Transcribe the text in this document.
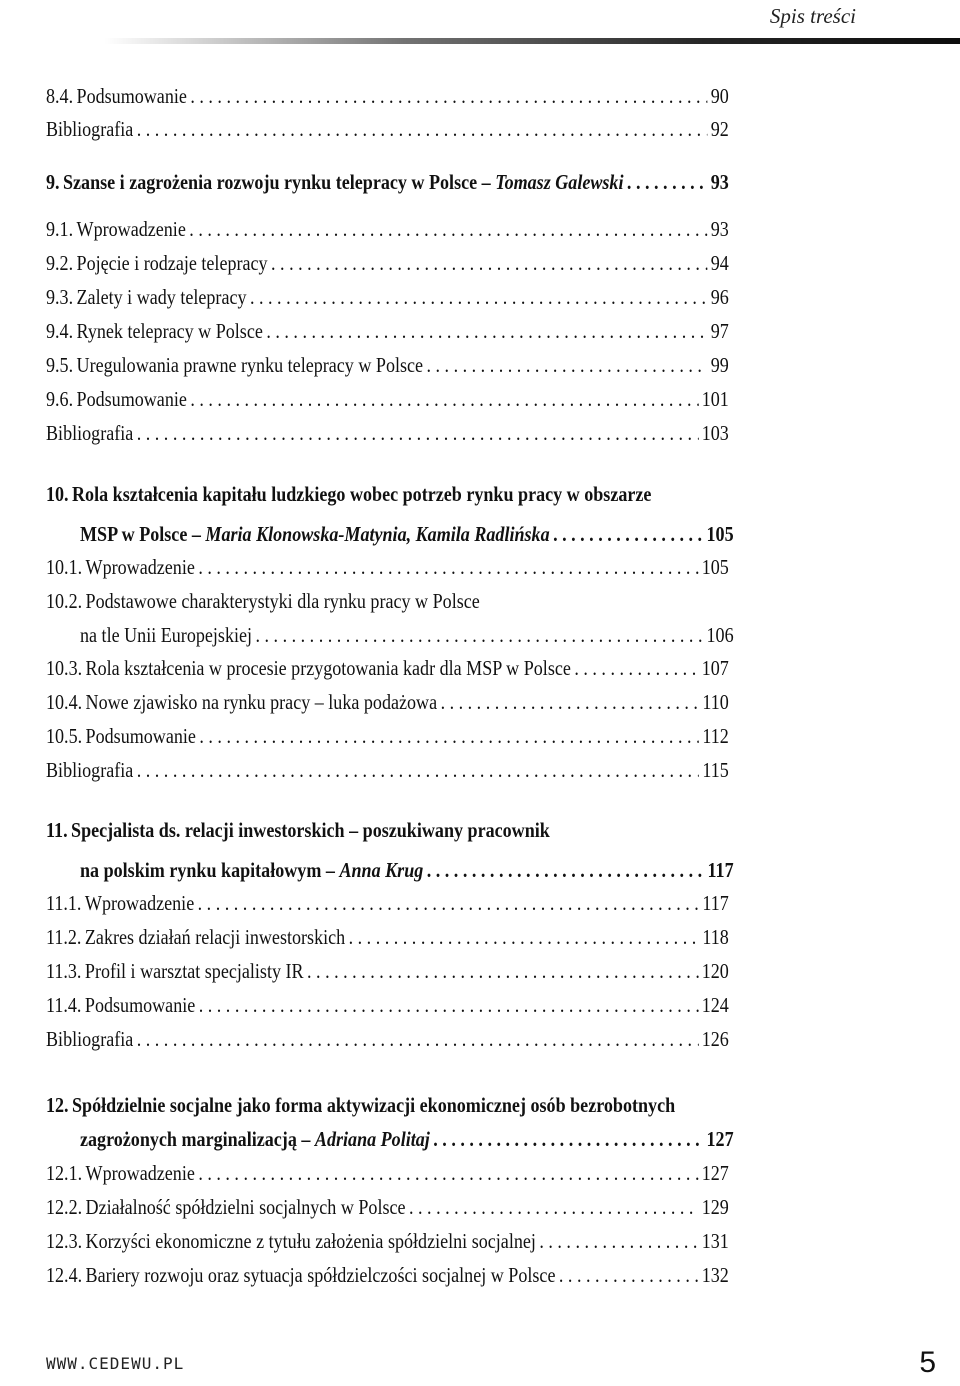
Spis treści
8.4. Podsumowanie . . .	90
Bibliografia . . .	92
9. Szanse i zagrożenia rozwoju rynku telepracy w Polsce – Tomasz Galewski . . .	93
9.1. Wprowadzenie . . .	93
9.2. Pojęcie i rodzaje telepracy . . .	94
9.3. Zalety i wady telepracy . . .	96
9.4. Rynek telepracy w Polsce . . .	97
9.5. Uregulowania prawne rynku telepracy w Polsce . . .	99
9.6. Podsumowanie . . .	101
Bibliografia . . .	103
10. Rola kształcenia kapitału ludzkiego wobec potrzeb rynku pracy w obszarze
MSP w Polsce – Maria Klonowska-Matynia, Kamila Radlińska . . .	105
10.1. Wprowadzenie . . .	105
10.2. Podstawowe charakterystyki dla rynku pracy w Polsce
na tle Unii Europejskiej . . .	106
10.3. Rola kształcenia w procesie przygotowania kadr dla MSP w Polsce . . .	107
10.4. Nowe zjawisko na rynku pracy – luka podażowa . . .	110
10.5. Podsumowanie . . .	112
Bibliografia . . .	115
11. Specjalista ds. relacji inwestorskich – poszukiwany pracownik
na polskim rynku kapitałowym – Anna Krug . . .	117
11.1. Wprowadzenie . . .	117
11.2. Zakres działań relacji inwestorskich . . .	118
11.3. Profil i warsztat specjalisty IR . . .	120
11.4. Podsumowanie . . .	124
Bibliografia . . .	126
12. Spółdzielnie socjalne jako forma aktywizacji ekonomicznej osób bezrobotnych
zagrożonych marginalizacją – Adriana Politaj . . .	127
12.1. Wprowadzenie . . .	127
12.2. Działalność spółdzielni socjalnych w Polsce . . .	129
12.3. Korzyści ekonomiczne z tytułu założenia spółdzielni socjalnej . . .	131
12.4. Bariery rozwoju oraz sytuacja spółdzielczości socjalnej w Polsce . . .	132
WWW.CEDEWU.PL	5
